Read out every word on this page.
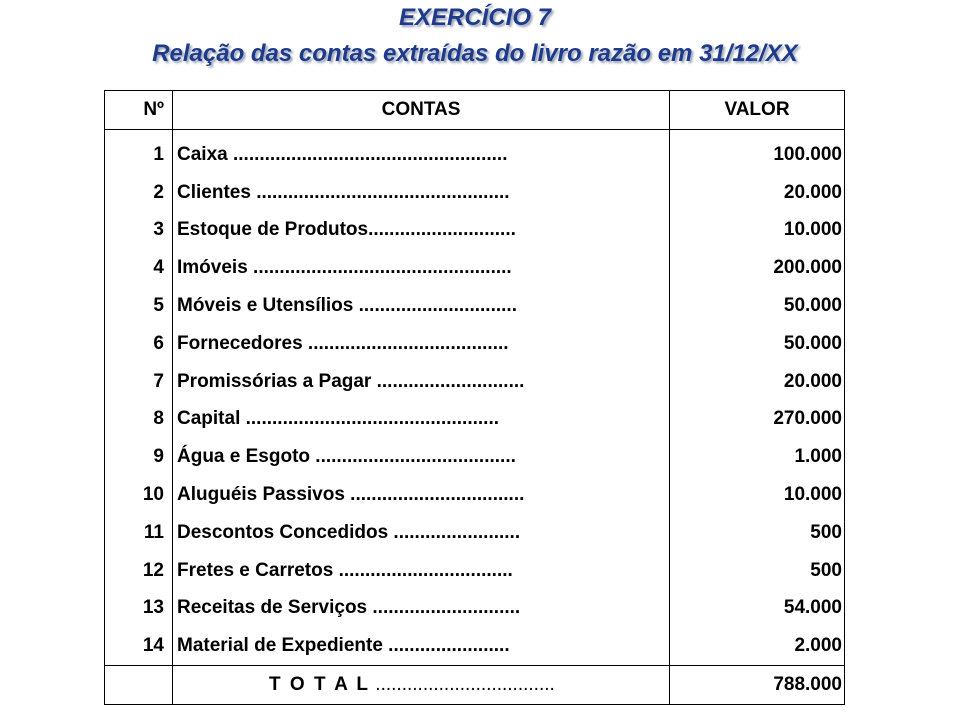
EXERCÍCIO 7
Relação das contas extraídas do livro razão em 31/12/XX
Nº	CONTAS	VALOR
1	Caixa ....................................................	100.000
2	Clientes ................................................	20.000
3	Estoque de Produtos............................	10.000
4	Imóveis .................................................	200.000
5	Móveis e Utensílios ..............................	50.000
6	Fornecedores ......................................	50.000
7	Promissórias a Pagar ............................	20.000
8	Capital ................................................	270.000
9	Água e Esgoto ......................................	1.000
10	Aluguéis Passivos .................................	10.000
11	Descontos Concedidos ........................	500
12	Fretes e Carretos .................................	500
13	Receitas de Serviços ............................	54.000
14	Material de Expediente .......................	2.000
	T O T A L ..................................	788.000
